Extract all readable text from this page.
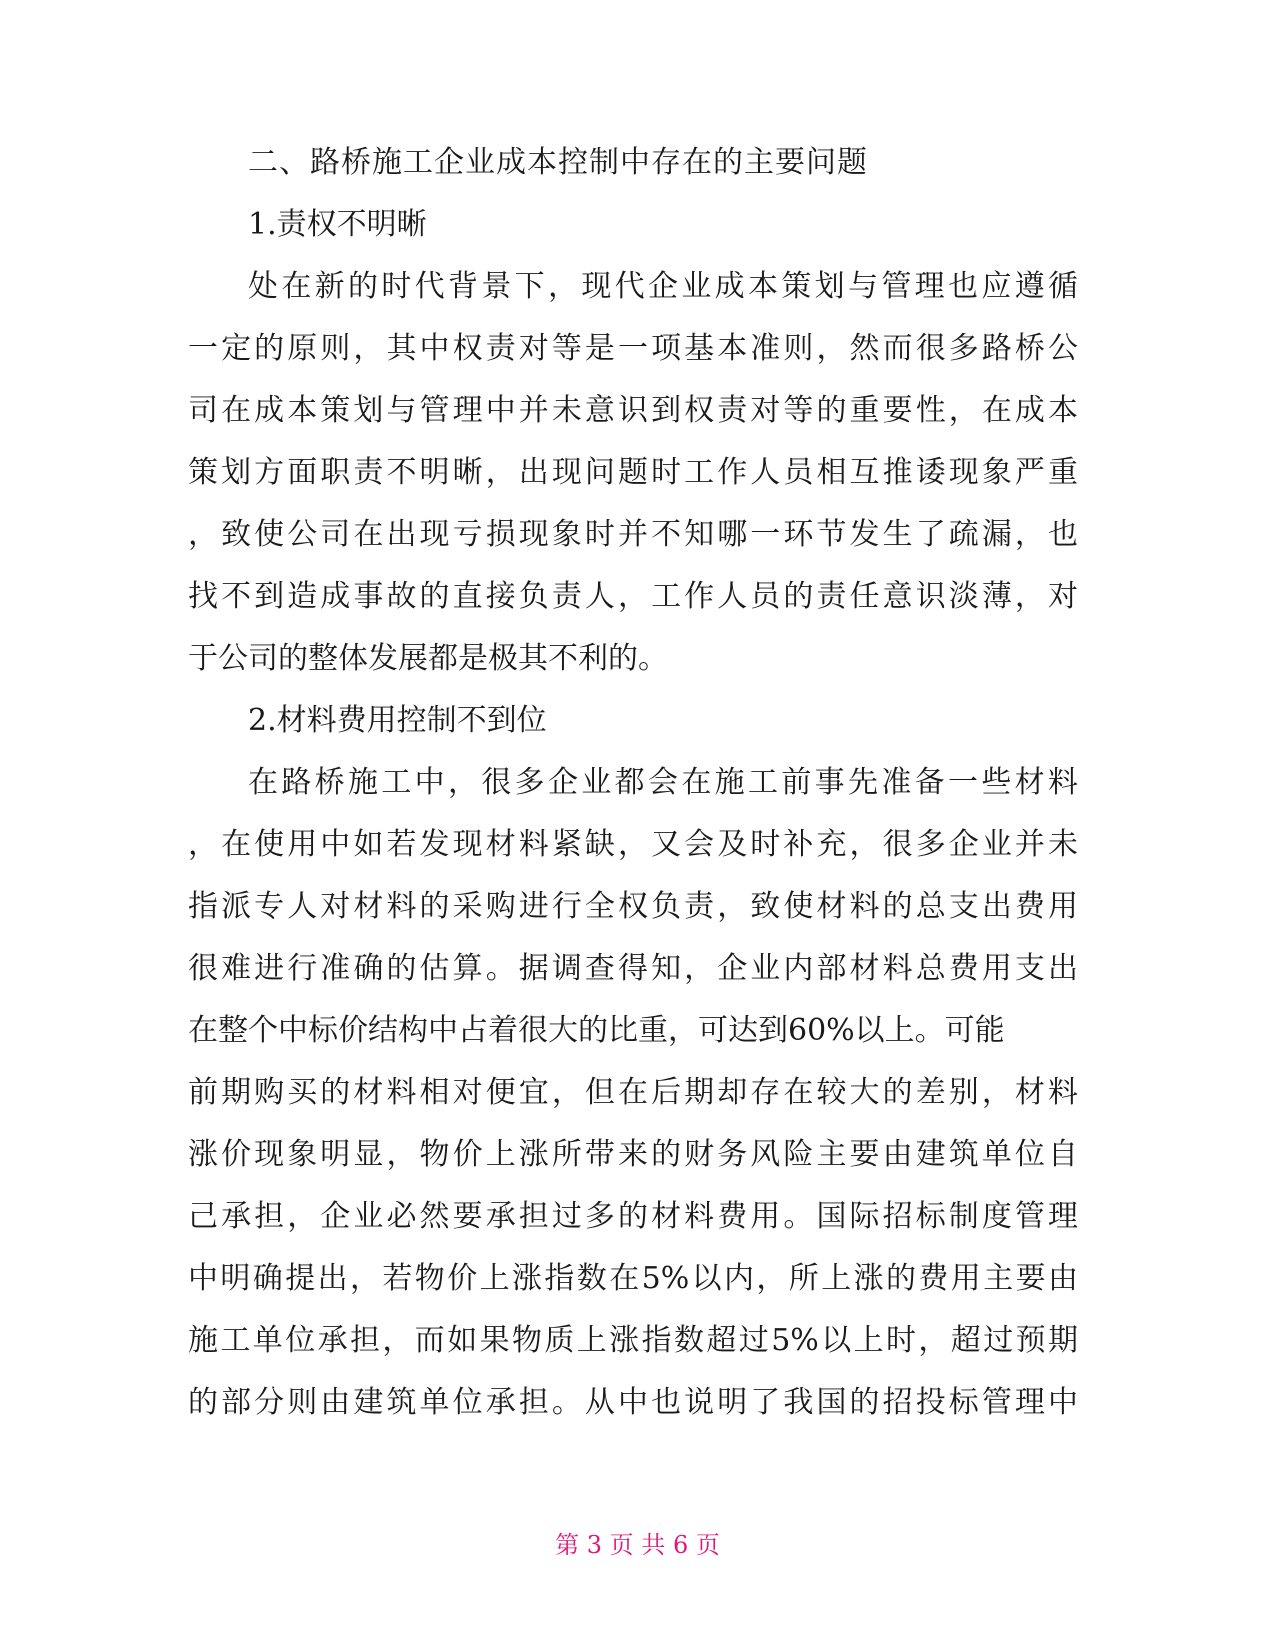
二、路桥施工企业成本控制中存在的主要问题
1.责权不明晰
处在新的时代背景下，现代企业成本策划与管理也应遵循
一定的原则，其中权责对等是一项基本准则，然而很多路桥公
司在成本策划与管理中并未意识到权责对等的重要性，在成本
策划方面职责不明晰，出现问题时工作人员相互推诿现象严重
，致使公司在出现亏损现象时并不知哪一环节发生了疏漏，也
找不到造成事故的直接负责人，工作人员的责任意识淡薄，对
于公司的整体发展都是极其不利的。
2.材料费用控制不到位
在路桥施工中，很多企业都会在施工前事先准备一些材料
，在使用中如若发现材料紧缺，又会及时补充，很多企业并未
指派专人对材料的采购进行全权负责，致使材料的总支出费用
很难进行准确的估算。据调查得知，企业内部材料总费用支出
在整个中标价结构中占着很大的比重，可达到60%以上。可能
前期购买的材料相对便宜，但在后期却存在较大的差别，材料
涨价现象明显，物价上涨所带来的财务风险主要由建筑单位自
己承担，企业必然要承担过多的材料费用。国际招标制度管理
中明确提出，若物价上涨指数在5%以内，所上涨的费用主要由
施工单位承担，而如果物质上涨指数超过5%以上时，超过预期
的部分则由建筑单位承担。从中也说明了我国的招投标管理中
第 3 页 共 6 页
